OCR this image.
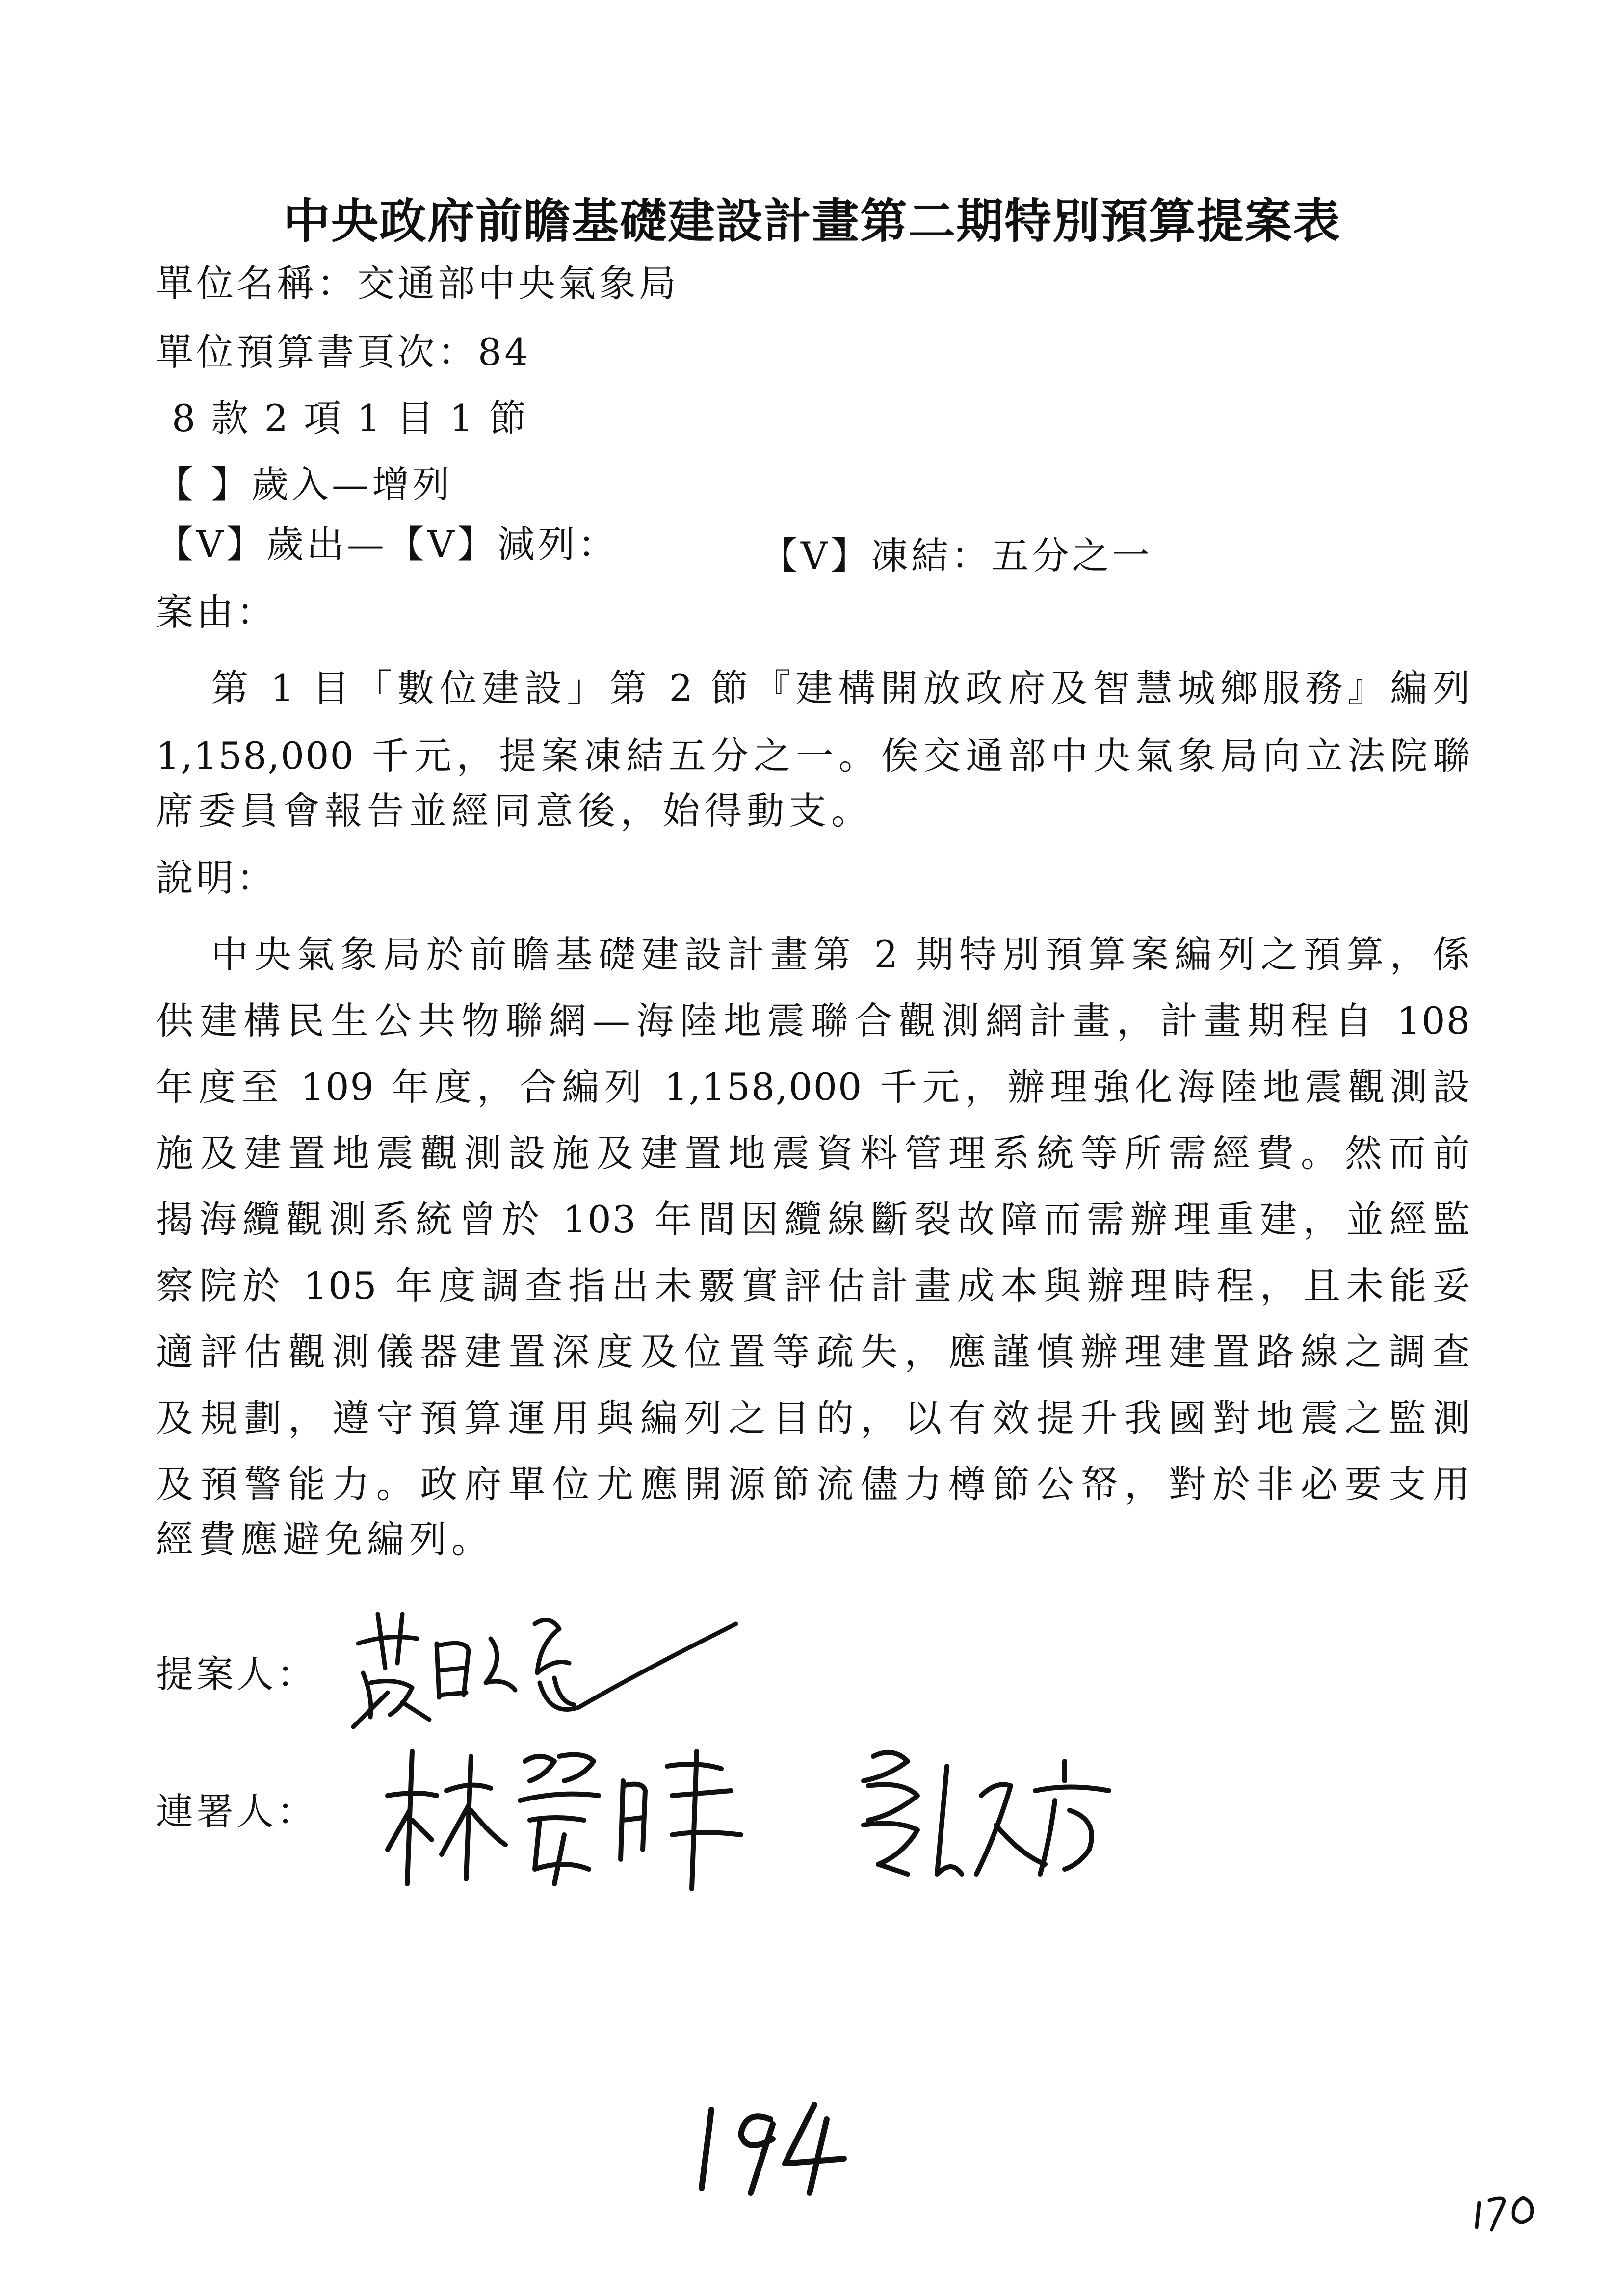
中央政府前瞻基礎建設計畫第二期特別預算提案表
單位名稱：交通部中央氣象局
單位預算書頁次：84
8 款 2 項 1 目 1 節
【 】歲入—增列
【V】歲出—【V】減列：	【V】凍結：五分之一
案由：
第 1 目「數位建設」第 2 節『建構開放政府及智慧城鄉服務』編列
1,158,000 千元，提案凍結五分之一。俟交通部中央氣象局向立法院聯
席委員會報告並經同意後，始得動支。
說明：
中央氣象局於前瞻基礎建設計畫第 2 期特別預算案編列之預算，係
供建構民生公共物聯網—海陸地震聯合觀測網計畫，計畫期程自 108
年度至 109 年度，合編列 1,158,000 千元，辦理強化海陸地震觀測設
施及建置地震觀測設施及建置地震資料管理系統等所需經費。然而前
揭海纜觀測系統曾於 103 年間因纜線斷裂故障而需辦理重建，並經監
察院於 105 年度調查指出未覈實評估計畫成本與辦理時程，且未能妥
適評估觀測儀器建置深度及位置等疏失，應謹慎辦理建置路線之調查
及規劃，遵守預算運用與編列之目的，以有效提升我國對地震之監測
及預警能力。政府單位尤應開源節流儘力樽節公帑，對於非必要支用
經費應避免編列。
提案人：
連署人：
